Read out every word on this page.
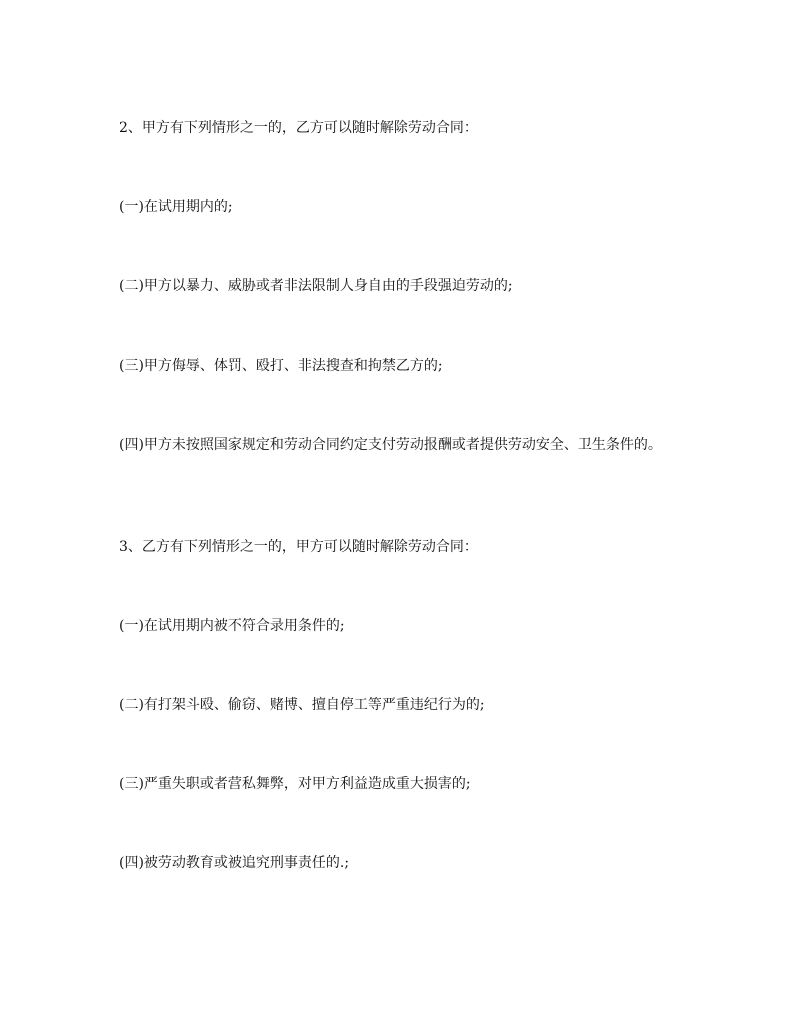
2、甲方有下列情形之一的，乙方可以随时解除劳动合同：

(一)在试用期内的;

(二)甲方以暴力、威胁或者非法限制人身自由的手段强迫劳动的;

(三)甲方侮辱、体罚、殴打、非法搜查和拘禁乙方的;

(四)甲方未按照国家规定和劳动合同约定支付劳动报酬或者提供劳动安全、卫生条件的。

3、乙方有下列情形之一的，甲方可以随时解除劳动合同：

(一)在试用期内被不符合录用条件的;

(二)有打架斗殴、偷窃、赌博、擅自停工等严重违纪行为的;

(三)严重失职或者营私舞弊，对甲方利益造成重大损害的;

(四)被劳动教育或被追究刑事责任的.;
